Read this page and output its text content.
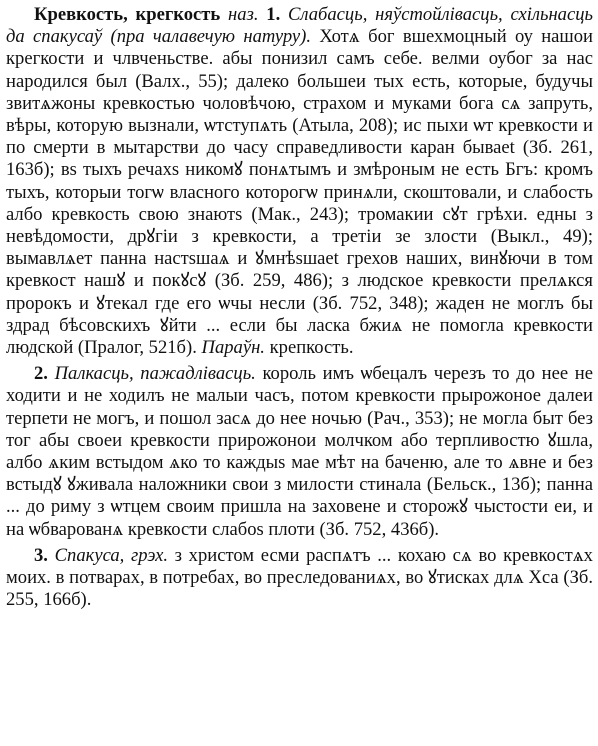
Кревкость, крегкость наз. 1. Слабасць, няўстойлівасць, схільнасць да спакусаў (пра чалавечую натуру). Хотѧ бог вшехмоцный оу нашои крегкости и члвченьстве. абы понизил самъ себе. велми оубог за нас народился был (Валх., 55); далеко большеи тых есть, которые, будучы звитѧжоны кревкостью чоловѣчою, страхом и муками бога сѧ запруть, вѣры, которую вызнали, ѡтступѧть (Атыла, 208); ис пыхи ѡт кревкости и по смерти в мытарстви до часу справедливости каран бываеt (Зб. 261, 163б); вѕ тыхъ речахѕ никомꙋ понѧтымъ и змѣроным не есть Бгъ: кромъ тыхъ, которыи тогѡ власного которогѡ принѧли, скоштовали, и слабость албо кревкость свою знаютѕ (Мак., 243); тромакии сꙋт грѣхи. едны з невѣдомости, дрꙋгіи з кревкости, а третіи зе злости (Выкл., 49); вымавлѧет панна настѕшаѧ и ꙋмнѣѕшаеt грехов наших, винꙋючи в том кревкост нашꙋ и покꙋсꙋ (Зб. 259, 486); з людское кревкости прелѧкся пророкъ и ꙋтекал где его ѡчы несли (Зб. 752, 348); жаден не моглъ бы здрад бѣсовскихъ ꙋйти ... если бы ласка бжиѧ не помогла кревкости людской (Пралог, 521б). Параўн. крепкость.

2. Палкасць, пажадлівасць. король имъ ѡбецалъ черезъ то до нее не ходити и не ходилъ не малыи часъ, потом кревкости прырожоное далеи терпети не могъ, и пошол засѧ до нее ночью (Рач., 353); не могла быт без тог абы своеи кревкости прирожонои молчком або терпливостю ꙋшла, албо ѧким встыдом ѧко то каждыѕ мае мѣт на баченю, але то ѧвне и без встыдꙋ ꙋживала наложники свои з милости стинала (Бельск., 13б); панна ... до риму з ѡтцем своим пришла на заховенe и сторожꙋ чыстости еи, и на ѡбварованѧ кревкости слабоѕ плоти (Зб. 752, 436б).

3. Спакуса, грэх. з христом есми распѧтъ ... кохаю сѧ во кревкостѧх моих. в потварах, в потребах, во преследованиѧх, во ꙋтисках длѧ Хса (Зб. 255, 166б).
